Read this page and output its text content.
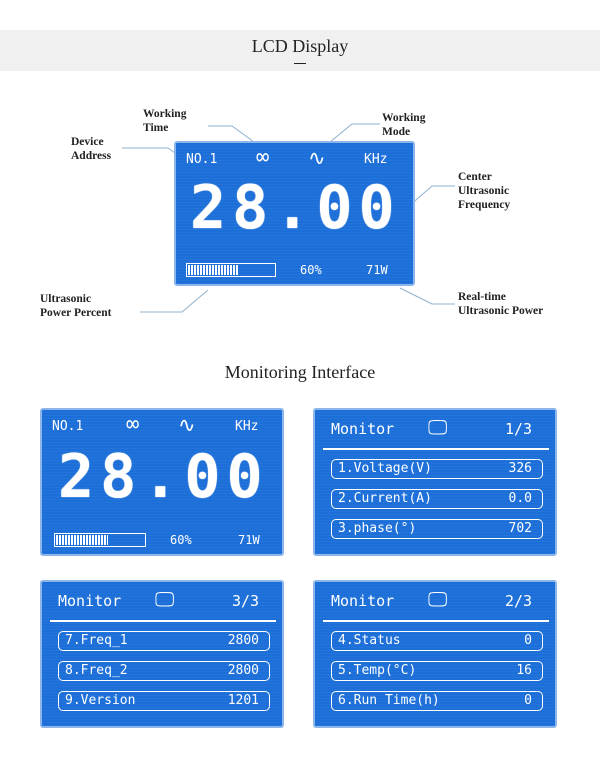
LCD Display
Working
Time
Device
Address
Working
Mode
Center
Ultrasonic
Frequency
Ultrasonic
Power Percent
Real-time
Ultrasonic Power
NO.1 ∞ ∿	KHz
28.00
60%	71W
Monitoring Interface
NO.1 ∞ ∿	KHz
28.00
60%	71W
Monitor 🖵	1/3
1.Voltage(V)	326
2.Current(A)	0.0
3.phase(°)	702
Monitor 🖵	3/3
7.Freq_1	2800
8.Freq_2	2800
9.Version	1201
Monitor 🖵	2/3
4.Status	0
5.Temp(°C)	16
6.Run Time(h)	0
